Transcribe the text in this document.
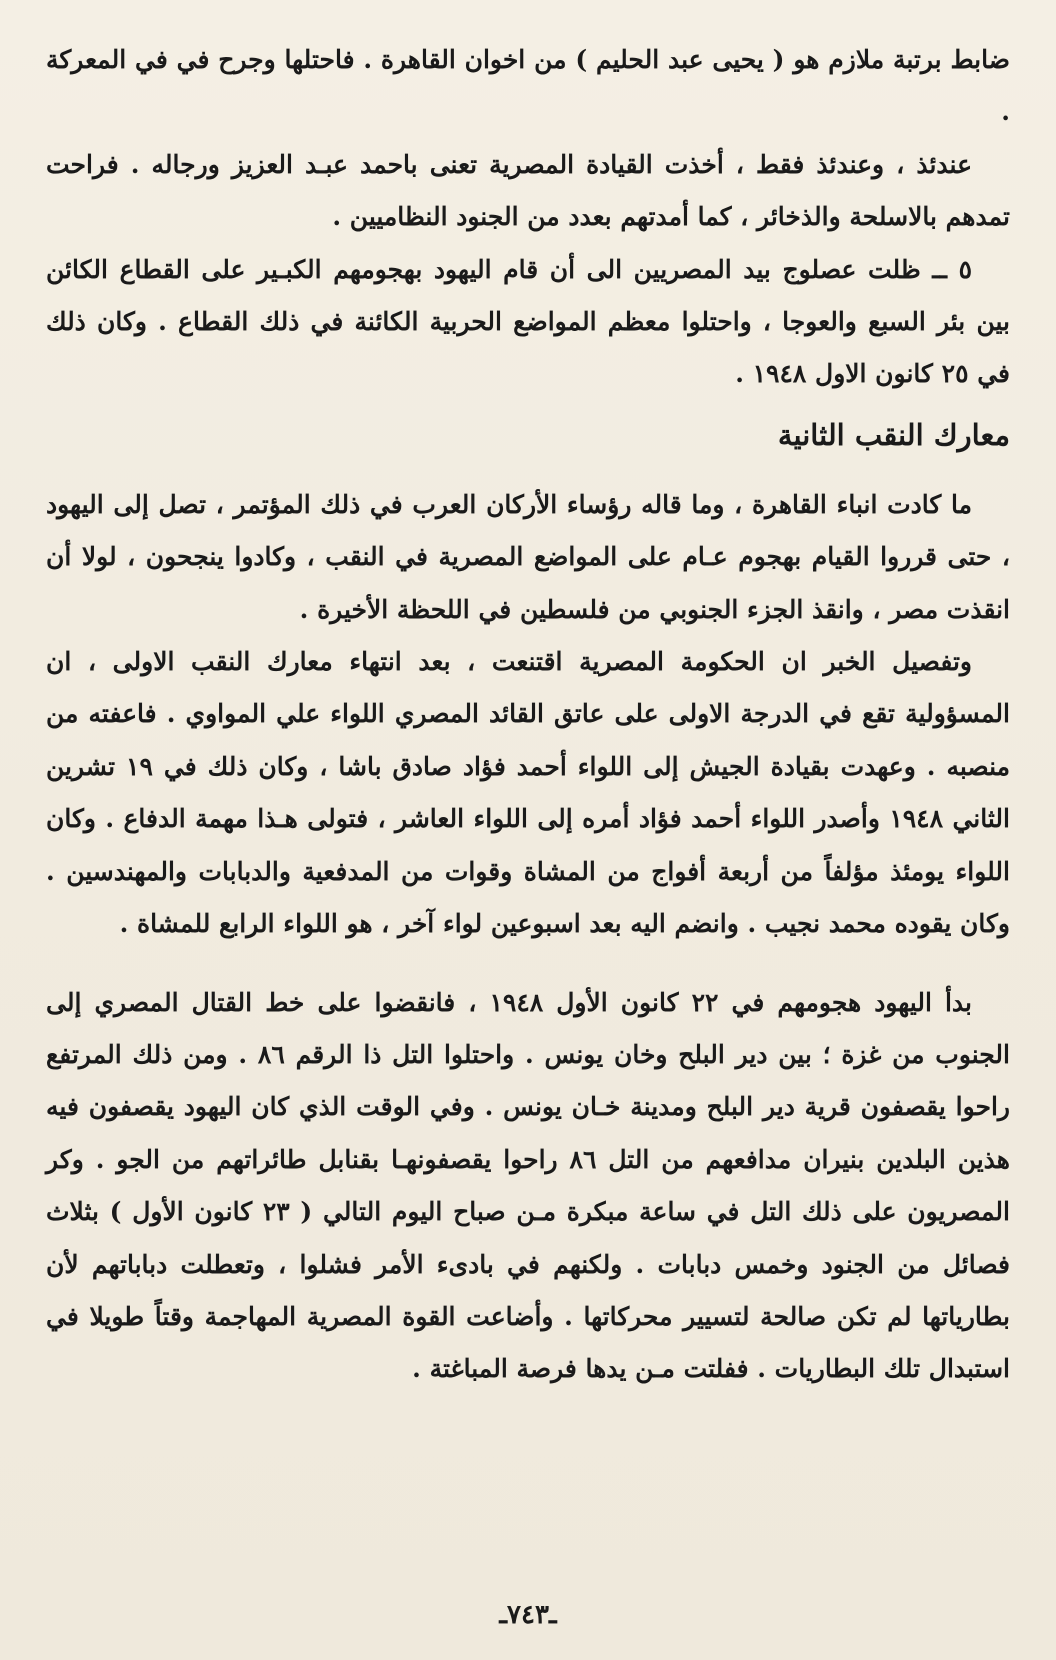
ضابط برتبة ملازم هو ( يحيى عبد الحليم ) من اخوان القاهرة . فاحتلها وجرح في في المعركة .

عندئذ ، وعندئذ فقط ، أخذت القيادة المصرية تعنى باحمد عبـد العزيز ورجاله . فراحت تمدهم بالاسلحة والذخائر ، كما أمدتهم بعدد من الجنود النظاميين .

٥ ــ ظلت عصلوج بيد المصريين الى أن قام اليهود بهجومهم الكبـير على القطاع الكائن بين بئر السبع والعوجا ، واحتلوا معظم المواضع الحربية الكائنة في ذلك القطاع . وكان ذلك في ٢٥ كانون الاول ١٩٤٨ .

معارك النقب الثانية

ما كادت انباء القاهرة ، وما قاله رؤساء الأركان العرب في ذلك المؤتمر ، تصل إلى اليهود ، حتى قرروا القيام بهجوم عـام على المواضع المصرية في النقب ، وكادوا ينجحون ، لولا أن انقذت مصر ، وانقذ الجزء الجنوبي من فلسطين في اللحظة الأخيرة .

وتفصيل الخبر ان الحكومة المصرية اقتنعت ، بعد انتهاء معارك النقب الاولى ، ان المسؤولية تقع في الدرجة الاولى على عاتق القائد المصري اللواء علي المواوي . فاعفته من منصبه . وعهدت بقيادة الجيش إلى اللواء أحمد فؤاد صادق باشا ، وكان ذلك في ١٩ تشرين الثاني ١٩٤٨ وأصدر اللواء أحمد فؤاد أمره إلى اللواء العاشر ، فتولى هـذا مهمة الدفاع . وكان اللواء يومئذ مؤلفاً من أربعة أفواج من المشاة وقوات من المدفعية والدبابات والمهندسين . وكان يقوده محمد نجيب . وانضم اليه بعد اسبوعين لواء آخر ، هو اللواء الرابع للمشاة .

بدأ اليهود هجومهم في ٢٢ كانون الأول ١٩٤٨ ، فانقضوا على خط القتال المصري إلى الجنوب من غزة ؛ بين دير البلح وخان يونس . واحتلوا التل ذا الرقم ٨٦ . ومن ذلك المرتفع راحوا يقصفون قرية دير البلح ومدينة خـان يونس . وفي الوقت الذي كان اليهود يقصفون فيه هذين البلدين بنيران مدافعهم من التل ٨٦ راحوا يقصفونهـا بقنابل طائراتهم من الجو . وكر المصريون على ذلك التل في ساعة مبكرة مـن صباح اليوم التالي ( ٢٣ كانون الأول ) بثلاث فصائل من الجنود وخمس دبابات . ولكنهم في بادىء الأمر فشلوا ، وتعطلت دباباتهم لأن بطارياتها لم تكن صالحة لتسيير محركاتها . وأضاعت القوة المصرية المهاجمة وقتاً طويلا في استبدال تلك البطاريات . ففلتت مـن يدها فرصة المباغتة .

ـ٧٤٣ـ
